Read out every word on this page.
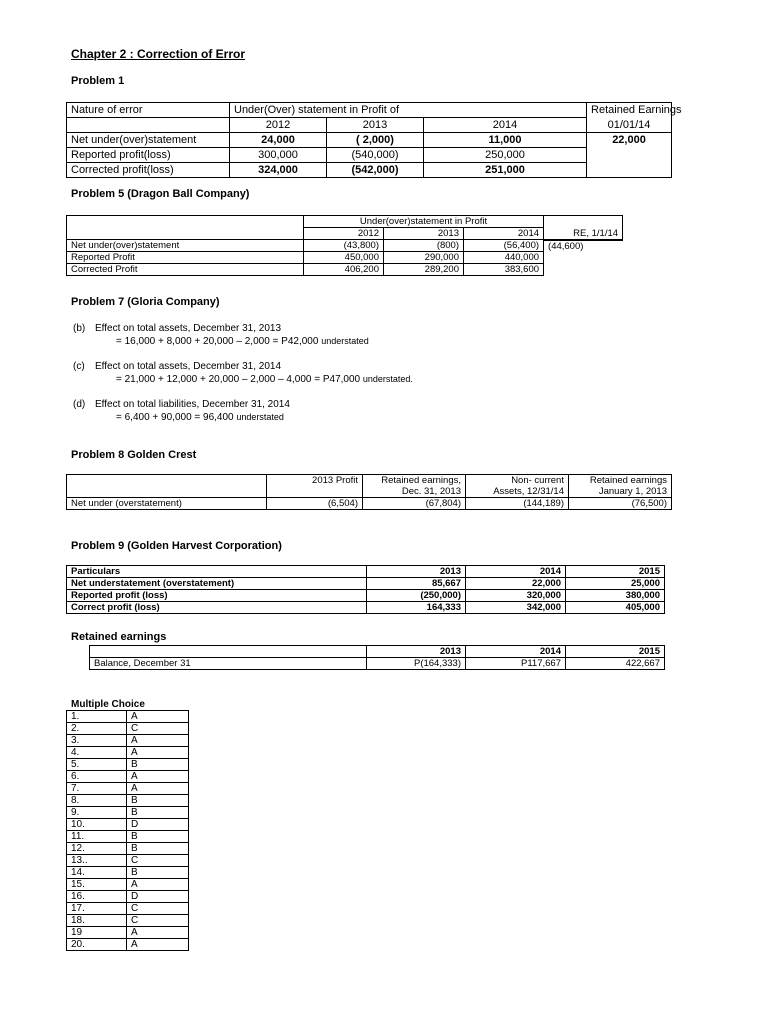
Chapter 2 : Correction of Error
Problem 1
Nature of error	Under(Over) statement in Profit of			Retained Earnings
	2012	2013	2014	01/01/14
Net under(over)statement	24,000	( 2,000)	11,000	22,000
Reported profit(loss)	300,000	(540,000)	250,000	
Corrected profit(loss)	324,000	(542,000)	251,000	
Problem 5 (Dragon Ball Company)
	Under(over)statement in Profit			
	2012	2013	2014	RE, 1/1/14
Net under(over)statement	(43,800)	(800)	(56,400)	(44,600)
Reported Profit	450,000	290,000	440,000	
Corrected Profit	406,200	289,200	383,600	
Problem 7 (Gloria Company)
(b) Effect on total assets, December 31, 2013
= 16,000 + 8,000 + 20,000 – 2,000 = P42,000 understated
(c) Effect on total assets, December 31, 2014
= 21,000 + 12,000 + 20,000 – 2,000 – 4,000 = P47,000 understated.
(d) Effect on total liabilities, December 31, 2014
= 6,400 + 90,000 = 96,400 understated
Problem 8 Golden Crest
	2013 Profit	Retained earnings,	Non- current	Retained earnings
		Dec. 31, 2013	Assets, 12/31/14	January 1, 2013
Net under (overstatement)	(6,504)	(67,804)	(144,189)	(76,500)
Problem 9 (Golden Harvest Corporation)
Particulars	2013	2014	2015
Net understatement (overstatement)	85,667	22,000	25,000
Reported profit (loss)	(250,000)	320,000	380,000
Correct profit (loss)	164,333	342,000	405,000
Retained earnings
	2013	2014	2015
Balance, December 31	P(164,333)	P117,667	422,667
Multiple Choice
1.	A
2.	C
3.	A
4.	A
5.	B
6.	A
7.	A
8.	B
9.	B
10.	D
11.	B
12.	B
13..	C
14.	B
15.	A
16.	D
17.	C
18.	C
19	A
20.	A
